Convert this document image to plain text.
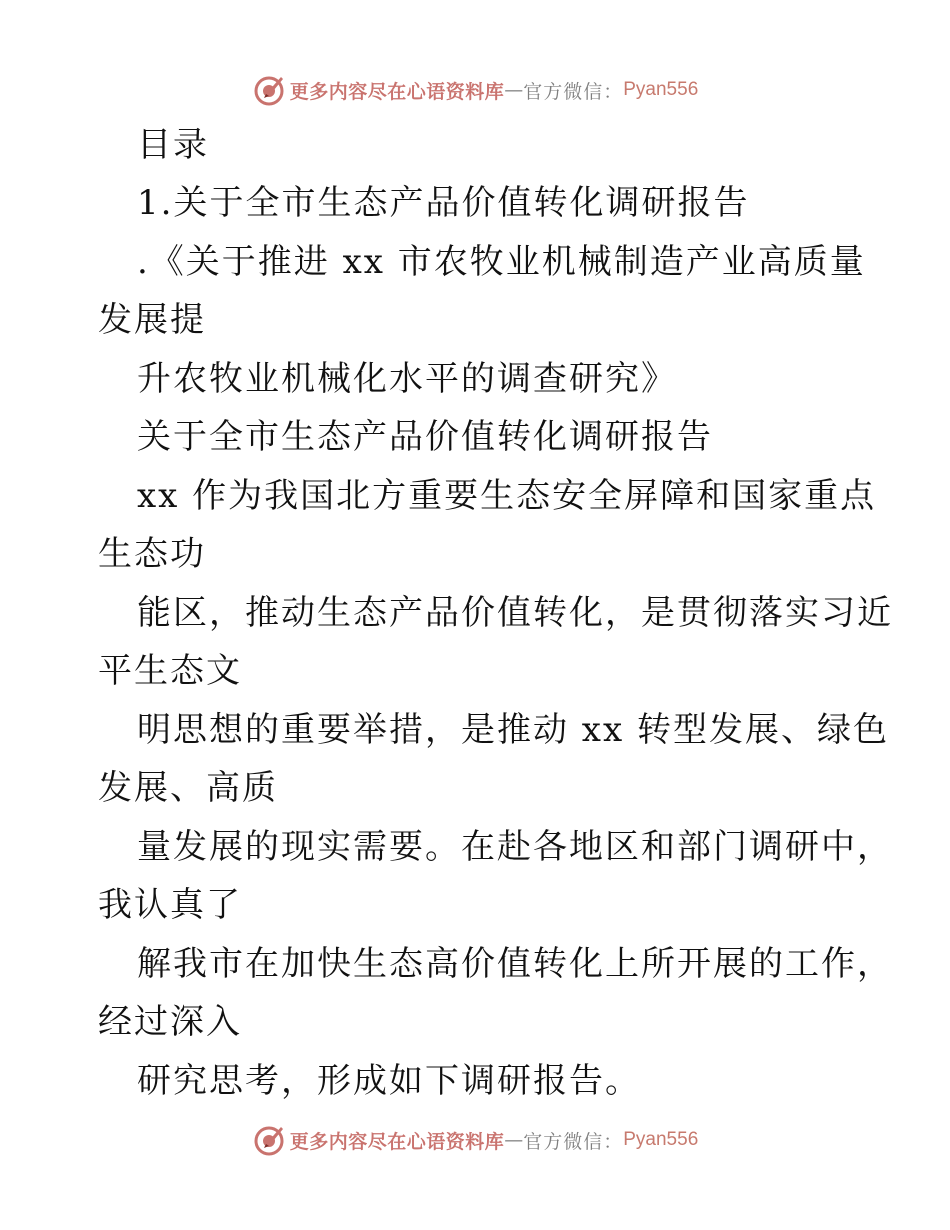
更多内容尽在心语资料库 — 官方微信： Pyan556
目录
1.关于全市生态产品价值转化调研报告
.《关于推进 xx 市农牧业机械制造产业高质量
发展提
升农牧业机械化水平的调查研究》
关于全市生态产品价值转化调研报告
xx 作为我国北方重要生态安全屏障和国家重点
生态功
能区，推动生态产品价值转化，是贯彻落实习近
平生态文
明思想的重要举措，是推动 xx 转型发展、绿色
发展、高质
量发展的现实需要。在赴各地区和部门调研中，
我认真了
解我市在加快生态高价值转化上所开展的工作，
经过深入
研究思考，形成如下调研报告。
更多内容尽在心语资料库 — 官方微信： Pyan556
